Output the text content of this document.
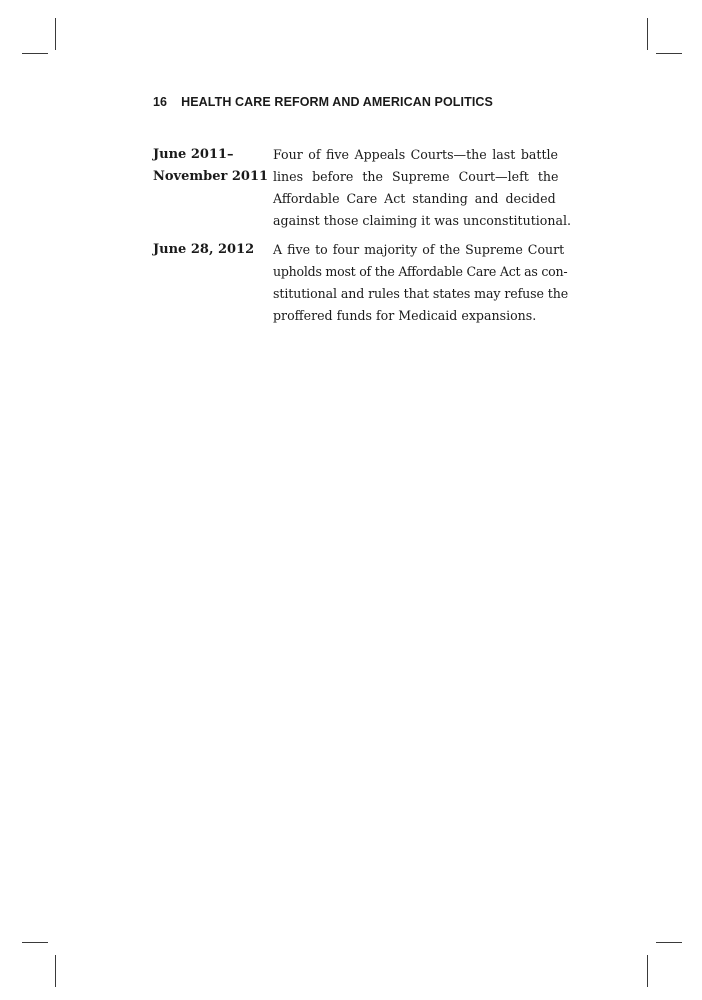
16 HEALTH CARE REFORM AND AMERICAN POLITICS
June 2011–
November 2011
Four of five Appeals Courts—the last battle
lines before the Supreme Court—left the
Affordable Care Act standing and decided
against those claiming it was unconstitutional.
June 28, 2012	A five to four majority of the Supreme Court
upholds most of the Affordable Care Act as con-
stitutional and rules that states may refuse the
proffered funds for Medicaid expansions.
